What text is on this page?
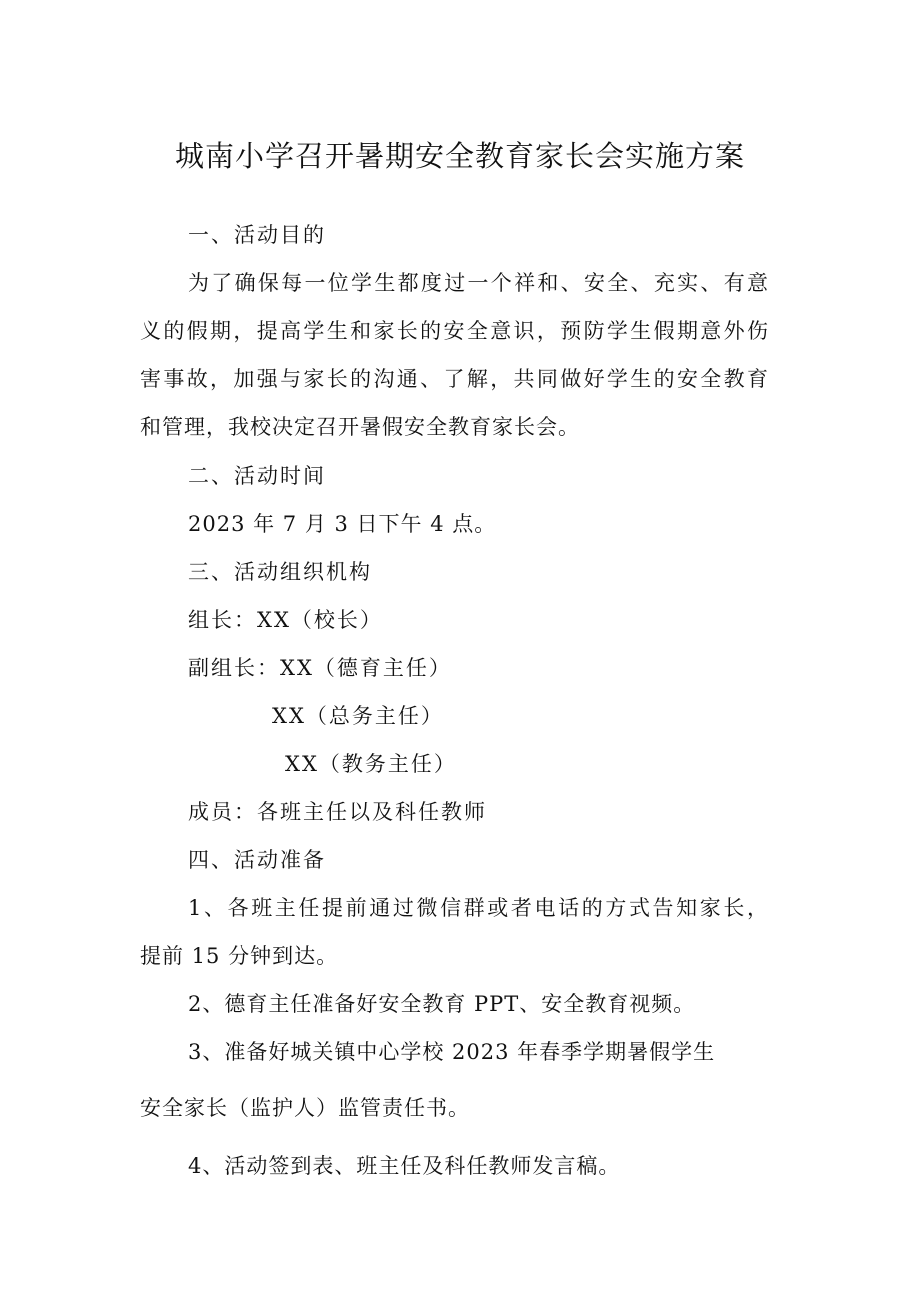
城南小学召开暑期安全教育家长会实施方案
一、活动目的
为了确保每一位学生都度过一个祥和、安全、充实、有意
义的假期，提高学生和家长的安全意识，预防学生假期意外伤
害事故，加强与家长的沟通、了解，共同做好学生的安全教育
和管理，我校决定召开暑假安全教育家长会。
二、活动时间
2023 年 7 月 3 日下午 4 点。
三、活动组织机构
组长：XX（校长）
副组长：XX（德育主任）
XX（总务主任）
XX（教务主任）
成员：各班主任以及科任教师
四、活动准备
1、各班主任提前通过微信群或者电话的方式告知家长，
提前 15 分钟到达。
2、德育主任准备好安全教育 PPT、安全教育视频。
3、准备好城关镇中心学校 2023 年春季学期暑假学生
安全家长（监护人）监管责任书。
4、活动签到表、班主任及科任教师发言稿。
